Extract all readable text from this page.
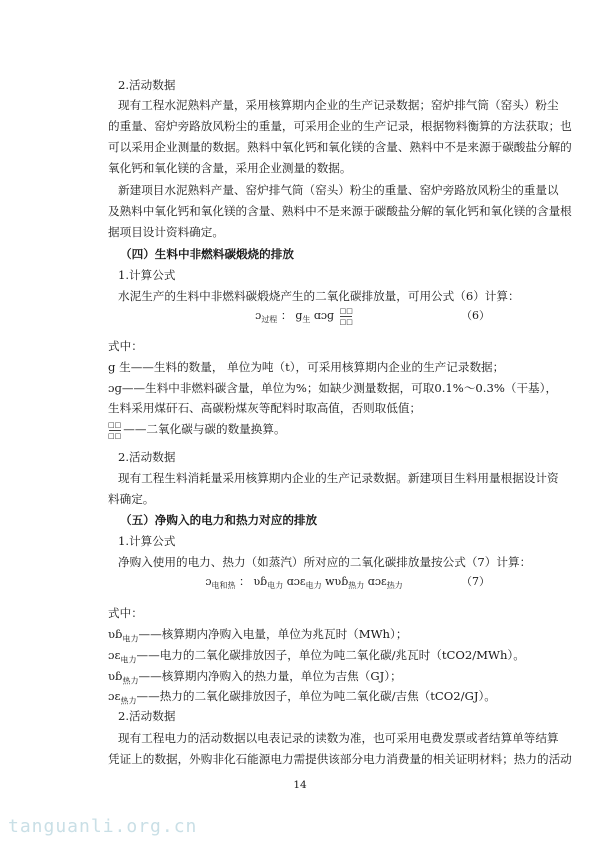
2.活动数据
现有工程水泥熟料产量，采用核算期内企业的生产记录数据；窑炉排气筒（窑头）粉尘
的重量、窑炉旁路放风粉尘的重量，可采用企业的生产记录，根据物料衡算的方法获取；也
可以采用企业测量的数据。熟料中氧化钙和氧化镁的含量、熟料中不是来源于碳酸盐分解的
氧化钙和氧化镁的含量，采用企业测量的数据。
新建项目水泥熟料产量、窑炉排气筒（窑头）粉尘的重量、窑炉旁路放风粉尘的重量以
及熟料中氧化钙和氧化镁的含量、熟料中不是来源于碳酸盐分解的氧化钙和氧化镁的含量根
据项目设计资料确定。
（四）生料中非燃料碳煅烧的排放
1.计算公式
水泥生产的生料中非燃料碳煅烧产生的二氧化碳排放量，可用公式（6）计算：
ɔ$_{过程}$ ： $g_生$ ɑɔɡ $\frac{□□}{□□}$	（6）
式中：
g 生——生料的数量， 单位为吨（t），可采用核算期内企业的生产记录数据；
ɔɡ——生料中非燃料碳含量，单位为%；如缺少测量数据，可取0.1%～0.3%（干基），
生料采用煤矸石、高碳粉煤灰等配料时取高值，否则取低值；
$\frac{□□}{□□}$ ——二氧化碳与碳的数量换算。
2.活动数据
现有工程生料消耗量采用核算期内企业的生产记录数据。新建项目生料用量根据设计资
料确定。
（五）净购入的电力和热力对应的排放
1.计算公式
净购入使用的电力、热力（如蒸汽）所对应的二氧化碳排放量按公式（7）计算：
ɔ$_{电和热}$ ： ʋɓ$_{电力}$ ɑɔɛ$_{电力}$ wʋɓ$_{热力}$ ɑɔɛ$_{热力}$	（7）
式中：
ʋɓ$_{电力}$——核算期内净购入电量，单位为兆瓦时（MWh）；
ɔɛ$_{电力}$——电力的二氧化碳排放因子，单位为吨二氧化碳/兆瓦时（tCO2/MWh）。
ʋɓ$_{热力}$——核算期内净购入的热力量，单位为吉焦（GJ）；
ɔɛ$_{热力}$——热力的二氧化碳排放因子，单位为吨二氧化碳/吉焦（tCO2/GJ）。
2.活动数据
现有工程电力的活动数据以电表记录的读数为准，也可采用电费发票或者结算单等结算
凭证上的数据，外购非化石能源电力需提供该部分电力消费量的相关证明材料；热力的活动
14
tanguanli.org.cn
